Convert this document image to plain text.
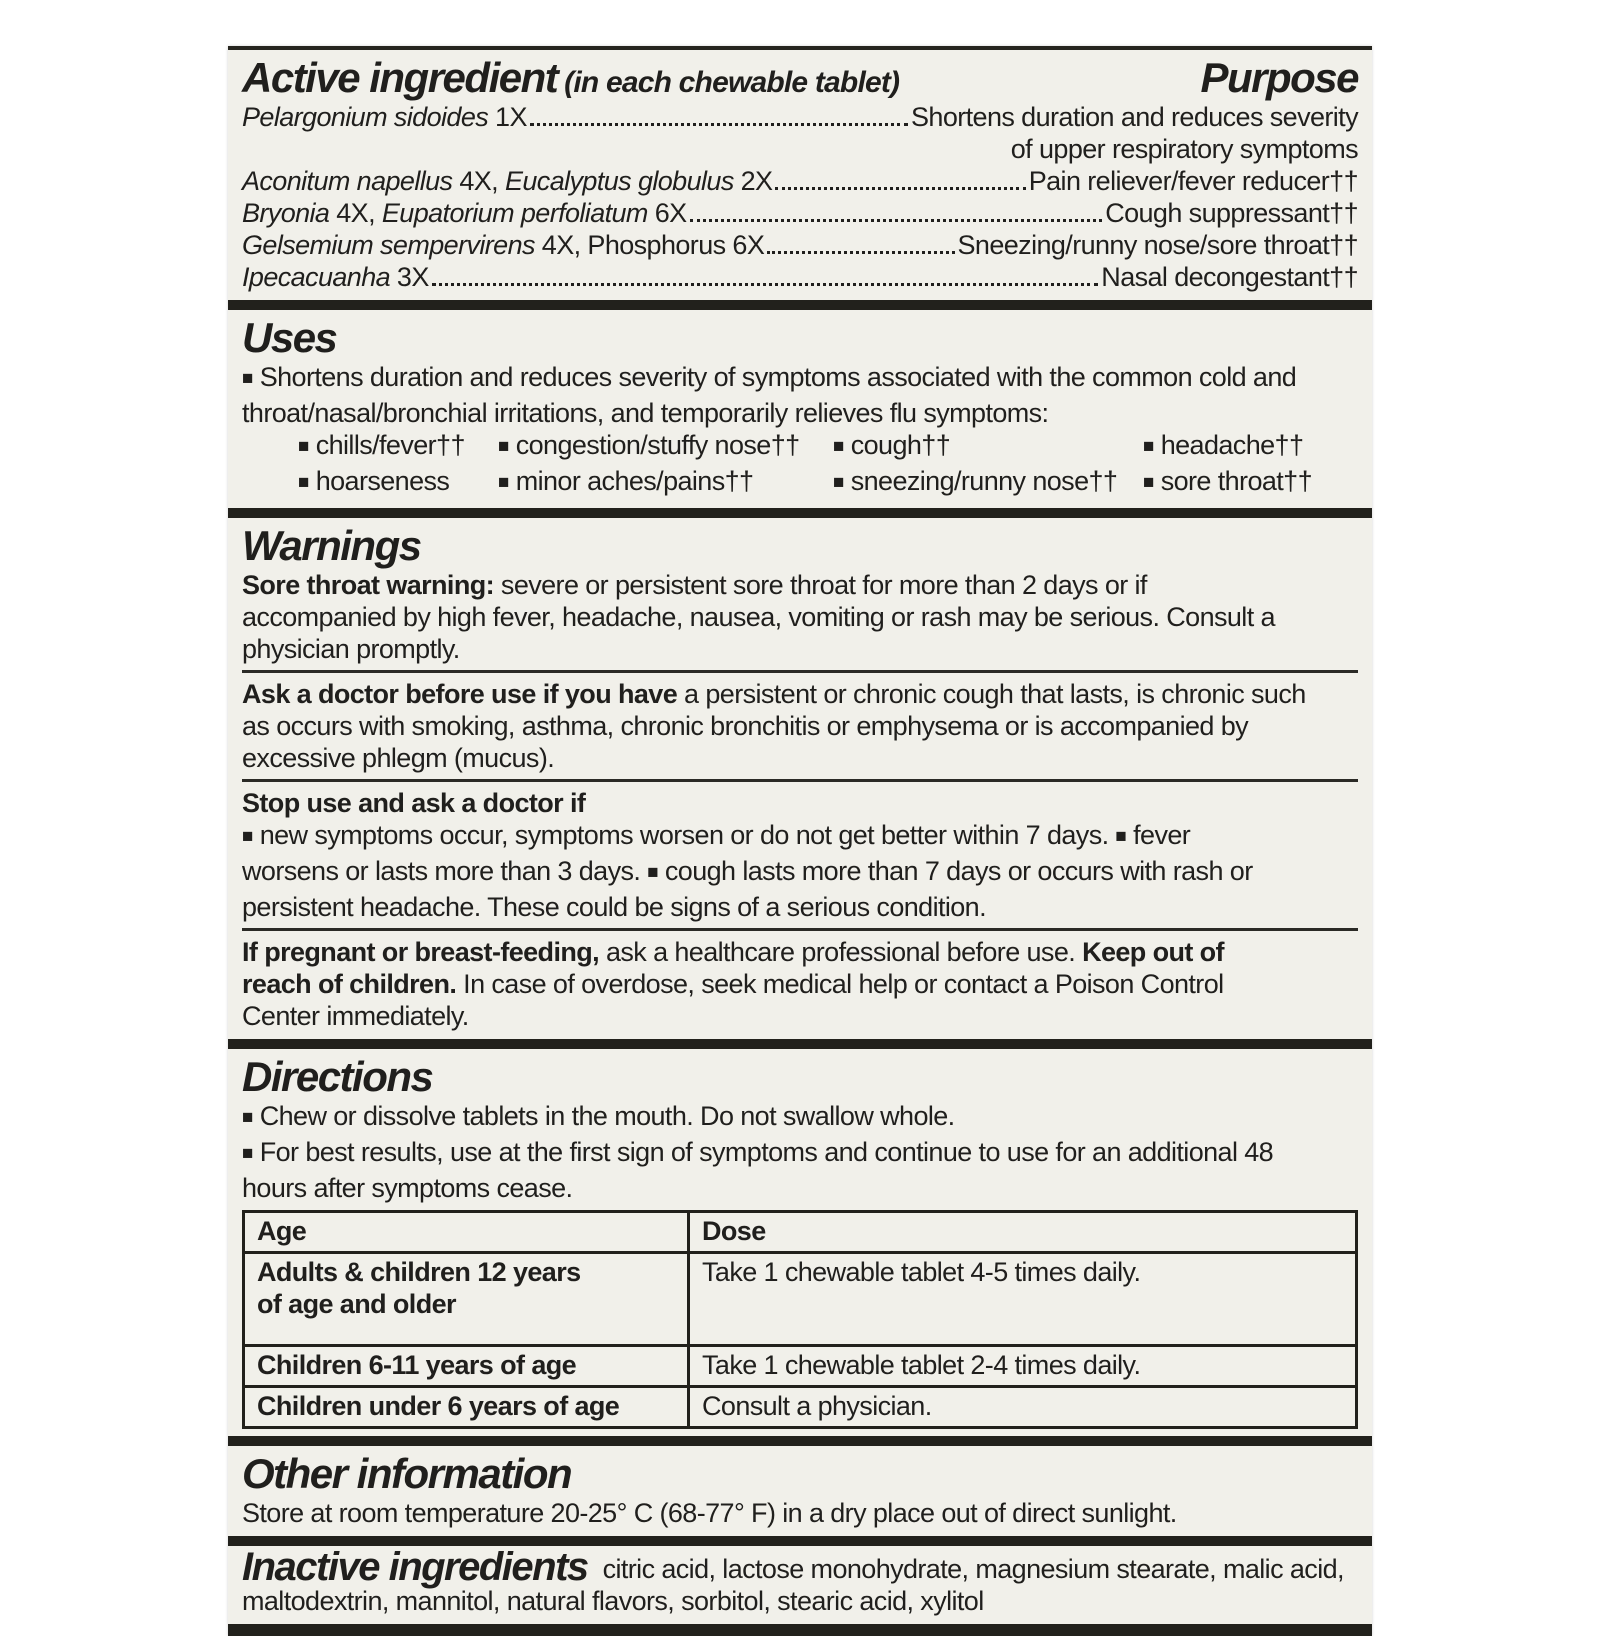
Active ingredient (in each chewable tablet)	Purpose
Pelargonium sidoides 1X	Shortens duration and reduces severity
of upper respiratory symptoms
Aconitum napellus 4X, Eucalyptus globulus 2X	Pain reliever/fever reducer††
Bryonia 4X, Eupatorium perfoliatum 6X	Cough suppressant††
Gelsemium sempervirens 4X, Phosphorus 6X	Sneezing/runny nose/sore throat††
Ipecacuanha 3X	Nasal decongestant††
Uses
■ Shortens duration and reduces severity of symptoms associated with the common cold and
throat/nasal/bronchial irritations, and temporarily relieves flu symptoms:
■ chills/fever††	■ congestion/stuffy nose††	■ cough††	■ headache††
■ hoarseness	■ minor aches/pains††	■ sneezing/runny nose††	■ sore throat††
Warnings
Sore throat warning: severe or persistent sore throat for more than 2 days or if
accompanied by high fever, headache, nausea, vomiting or rash may be serious. Consult a
physician promptly.
Ask a doctor before use if you have a persistent or chronic cough that lasts, is chronic such
as occurs with smoking, asthma, chronic bronchitis or emphysema or is accompanied by
excessive phlegm (mucus).
Stop use and ask a doctor if
■ new symptoms occur, symptoms worsen or do not get better within 7 days. ■ fever
worsens or lasts more than 3 days. ■ cough lasts more than 7 days or occurs with rash or
persistent headache. These could be signs of a serious condition.
If pregnant or breast-feeding, ask a healthcare professional before use. Keep out of
reach of children. In case of overdose, seek medical help or contact a Poison Control
Center immediately.
Directions
■ Chew or dissolve tablets in the mouth. Do not swallow whole.
■ For best results, use at the first sign of symptoms and continue to use for an additional 48
hours after symptoms cease.
Age	Dose

Adults & children 12 years
of age and older	Take 1 chewable tablet 4-5 times daily.

Children 6-11 years of age	Take 1 chewable tablet 2-4 times daily.

Children under 6 years of age	Consult a physician.
Other information
Store at room temperature 20-25° C (68-77° F) in a dry place out of direct sunlight.
Inactive ingredients citric acid, lactose monohydrate, magnesium stearate, malic acid,
maltodextrin, mannitol, natural flavors, sorbitol, stearic acid, xylitol
